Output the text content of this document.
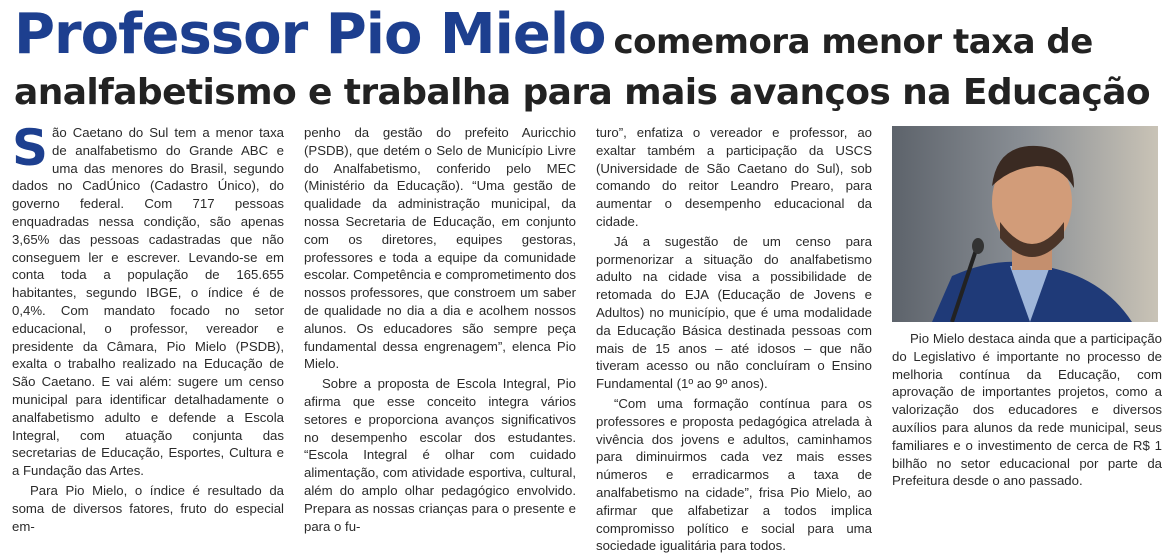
Professor Pio Mielo comemora menor taxa de
analfabetismo e trabalha para mais avanços na Educação

São Caetano do Sul tem a menor taxa de analfabetismo do Grande ABC e uma das menores do Brasil, segundo dados no CadÚnico (Cadastro Único), do governo federal. Com 717 pessoas enquadradas nessa condição, são apenas 3,65% das pessoas cadastradas que não conseguem ler e escrever. Levando-se em conta toda a população de 165.655 habitantes, segundo IBGE, o índice é de 0,4%. Com mandato focado no setor educacional, o professor, vereador e presidente da Câmara, Pio Mielo (PSDB), exalta o trabalho realizado na Educação de São Caetano. E vai além: sugere um censo municipal para identificar detalhadamente o analfabetismo adulto e defende a Escola Integral, com atuação conjunta das secretarias de Educação, Esportes, Cultura e a Fundação das Artes.

Para Pio Mielo, o índice é resultado da soma de diversos fatores, fruto do especial em-

penho da gestão do prefeito Auricchio (PSDB), que detém o Selo de Município Livre do Analfabetismo, conferido pelo MEC (Ministério da Educação). “Uma gestão de qualidade da administração municipal, da nossa Secretaria de Educação, em conjunto com os diretores, equipes gestoras, professores e toda a equipe da comunidade escolar. Competência e comprometimento dos nossos professores, que constroem um saber de qualidade no dia a dia e acolhem nossos alunos. Os educadores são sempre peça fundamental dessa engrenagem”, elenca Pio Mielo.

Sobre a proposta de Escola Integral, Pio afirma que esse conceito integra vários setores e proporciona avanços significativos no desempenho escolar dos estudantes. “Escola Integral é olhar com cuidado alimentação, com atividade esportiva, cultural, além do amplo olhar pedagógico envolvido. Prepara as nossas crianças para o presente e para o fu-

turo”, enfatiza o vereador e professor, ao exaltar também a participação da USCS (Universidade de São Caetano do Sul), sob comando do reitor Leandro Prearo, para aumentar o desempenho educacional da cidade.

Já a sugestão de um censo para pormenorizar a situação do analfabetismo adulto na cidade visa a possibilidade de retomada do EJA (Educação de Jovens e Adultos) no município, que é uma modalidade da Educação Básica destinada pessoas com mais de 15 anos – até idosos – que não tiveram acesso ou não concluíram o Ensino Fundamental (1º ao 9º anos).

“Com uma formação contínua para os professores e proposta pedagógica atrelada à vivência dos jovens e adultos, caminhamos para diminuirmos cada vez mais esses números e erradicarmos a taxa de analfabetismo na cidade”, frisa Pio Mielo, ao afirmar que alfabetizar a todos implica compromisso político e social para uma sociedade igualitária para todos.

Pio Mielo destaca ainda que a participação do Legislativo é importante no processo de melhoria contínua da Educação, com aprovação de importantes projetos, como a valorização dos educadores e diversos auxílios para alunos da rede municipal, seus familiares e o investimento de cerca de R$ 1 bilhão no setor educacional por parte da Prefeitura desde o ano passado.
